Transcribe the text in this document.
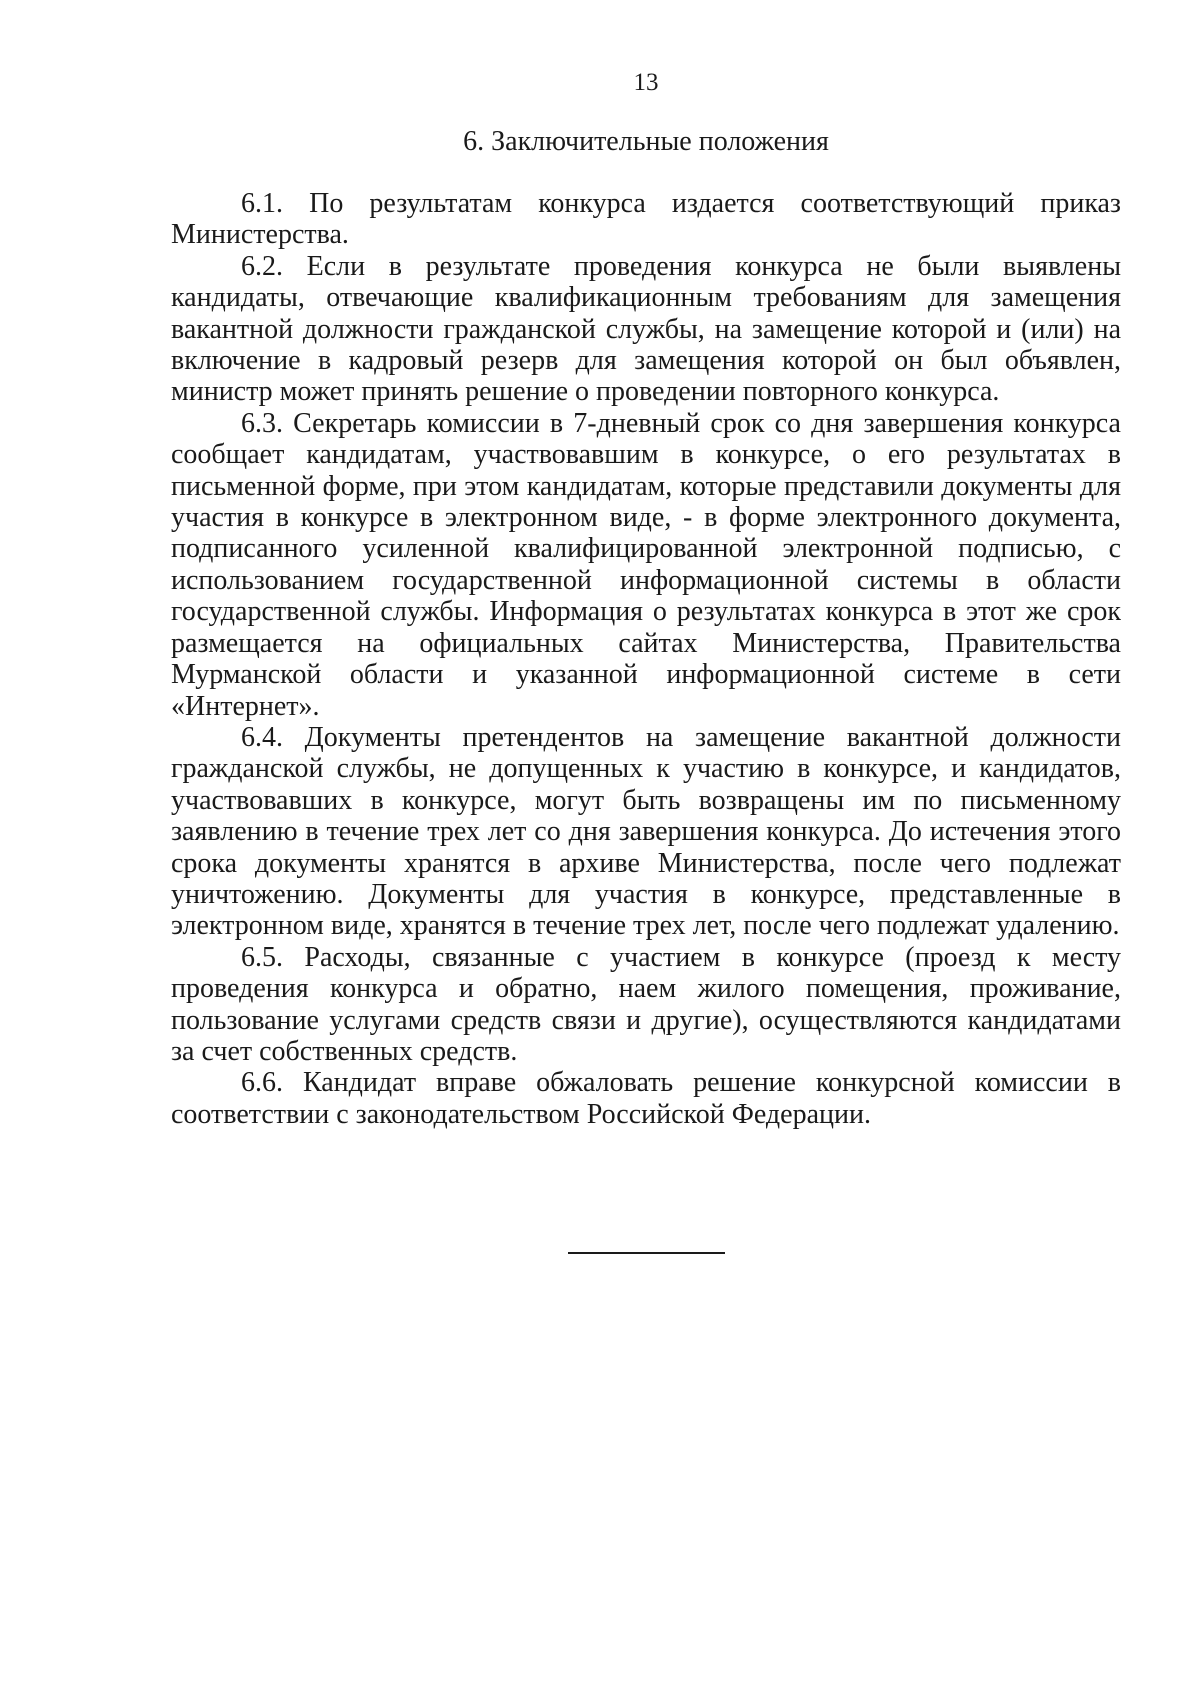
13
6. Заключительные положения

6.1. По результатам конкурса издается соответствующий приказ Министерства.

6.2. Если в результате проведения конкурса не были выявлены кандидаты, отвечающие квалификационным требованиям для замещения вакантной должности гражданской службы, на замещение которой и (или) на включение в кадровый резерв для замещения которой он был объявлен, министр может принять решение о проведении повторного конкурса.

6.3. Секретарь комиссии в 7-дневный срок со дня завершения конкурса сообщает кандидатам, участвовавшим в конкурсе, о его результатах в письменной форме, при этом кандидатам, которые представили документы для участия в конкурсе в электронном виде, - в форме электронного документа, подписанного усиленной квалифицированной электронной подписью, с использованием государственной информационной системы в области государственной службы. Информация о результатах конкурса в этот же срок размещается на официальных сайтах Министерства, Правительства Мурманской области и указанной информационной системе в сети «Интернет».

6.4. Документы претендентов на замещение вакантной должности гражданской службы, не допущенных к участию в конкурсе, и кандидатов, участвовавших в конкурсе, могут быть возвращены им по письменному заявлению в течение трех лет со дня завершения конкурса. До истечения этого срока документы хранятся в архиве Министерства, после чего подлежат уничтожению. Документы для участия в конкурсе, представленные в электронном виде, хранятся в течение трех лет, после чего подлежат удалению.

6.5. Расходы, связанные с участием в конкурсе (проезд к месту проведения конкурса и обратно, наем жилого помещения, проживание, пользование услугами средств связи и другие), осуществляются кандидатами за счет собственных средств.

6.6. Кандидат вправе обжаловать решение конкурсной комиссии в соответствии с законодательством Российской Федерации.
